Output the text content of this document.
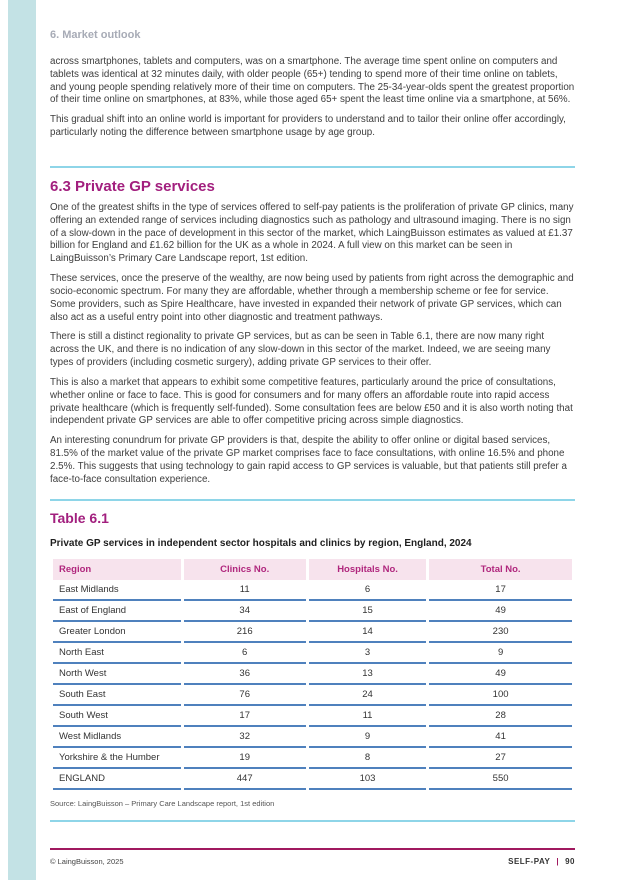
6. Market outlook

across smartphones, tablets and computers, was on a smartphone. The average time spent online on computers and tablets was identical at 32 minutes daily, with older people (65+) tending to spend more of their time online on tablets, and young people spending relatively more of their time on computers. The 25-34-year-olds spent the greatest proportion of their time online on smartphones, at 83%, while those aged 65+ spent the least time online via a smartphone, at 56%.

This gradual shift into an online world is important for providers to understand and to tailor their online offer accordingly, particularly noting the difference between smartphone usage by age group.

6.3 Private GP services

One of the greatest shifts in the type of services offered to self-pay patients is the proliferation of private GP clinics, many offering an extended range of services including diagnostics such as pathology and ultrasound imaging. There is no sign of a slow-down in the pace of development in this sector of the market, which LaingBuisson estimates as valued at £1.37 billion for England and £1.62 billion for the UK as a whole in 2024. A full view on this market can be seen in LaingBuisson’s Primary Care Landscape report, 1st edition.

These services, once the preserve of the wealthy, are now being used by patients from right across the demographic and socio-economic spectrum. For many they are affordable, whether through a membership scheme or fee for service. Some providers, such as Spire Healthcare, have invested in expanded their network of private GP services, which can also act as a useful entry point into other diagnostic and treatment pathways.

There is still a distinct regionality to private GP services, but as can be seen in Table 6.1, there are now many right across the UK, and there is no indication of any slow-down in this sector of the market. Indeed, we are seeing many types of providers (including cosmetic surgery), adding private GP services to their offer.

This is also a market that appears to exhibit some competitive features, particularly around the price of consultations, whether online or face to face. This is good for consumers and for many offers an affordable route into rapid access private healthcare (which is frequently self-funded). Some consultation fees are below £50 and it is also worth noting that independent private GP services are able to offer competitive pricing across simple diagnostics.

An interesting conundrum for private GP providers is that, despite the ability to offer online or digital based services, 81.5% of the market value of the private GP market comprises face to face consultations, with online 16.5% and phone 2.5%. This suggests that using technology to gain rapid access to GP services is valuable, but that patients still prefer a face-to-face consultation experience.

Table 6.1
Private GP services in independent sector hospitals and clinics by region, England, 2024
Region	Clinics No.	Hospitals No.	Total No.
East Midlands	11	6	17
East of England	34	15	49
Greater London	216	14	230
North East	6	3	9
North West	36	13	49
South East	76	24	100
South West	17	11	28
West Midlands	32	9	41
Yorkshire & the Humber	19	8	27
ENGLAND	447	103	550
Source: LaingBuisson – Primary Care Landscape report, 1st edition
© LaingBuisson, 2025	SELF-PAY | 90
